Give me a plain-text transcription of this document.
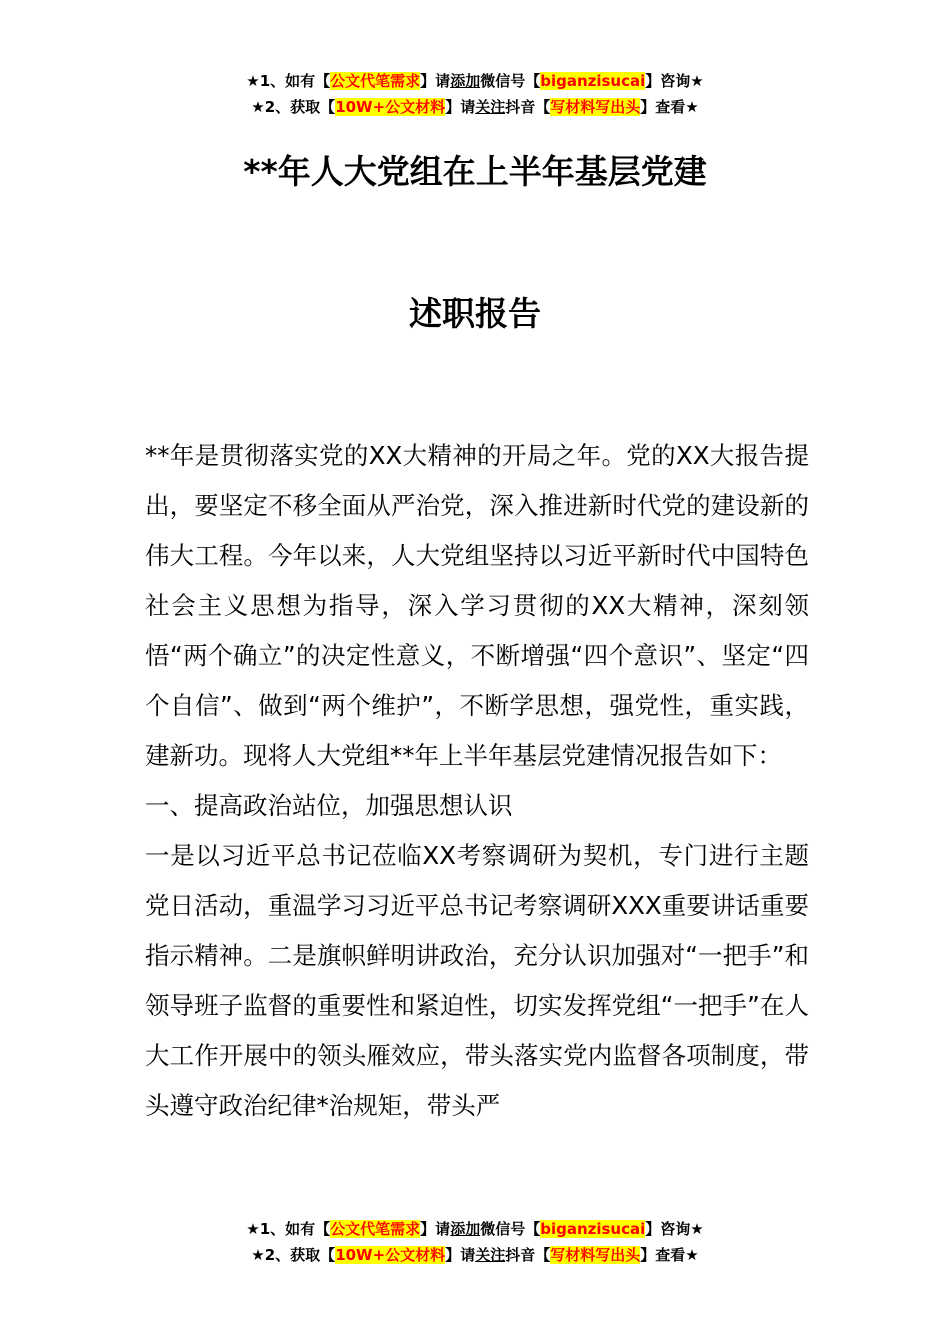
★1、如有【公文代笔需求】请添加微信号【biganzisucai】咨询★
★2、获取【10W+公文材料】请关注抖音【写材料写出头】查看★
**年人大党组在上半年基层党建
述职报告

**年是贯彻落实党的XX大精神的开局之年。党的XX大报告提出，要坚定不移全面从严治党，深入推进新时代党的建设新的伟大工程。今年以来，人大党组坚持以习近平新时代中国特色社会主义思想为指导，深入学习贯彻的XX大精神，深刻领悟“两个确立”的决定性意义，不断增强“四个意识”、坚定“四个自信”、做到“两个维护”，不断学思想，强党性，重实践，建新功。现将人大党组**年上半年基层党建情况报告如下：

一、提高政治站位，加强思想认识

一是以习近平总书记莅临XX考察调研为契机，专门进行主题党日活动，重温学习习近平总书记考察调研XXX重要讲话重要指示精神。二是旗帜鲜明讲政治，充分认识加强对“一把手”和领导班子监督的重要性和紧迫性，切实发挥党组“一把手”在人大工作开展中的领头雁效应，带头落实党内监督各项制度，带头遵守政治纪律*治规矩，带头严

★1、如有【公文代笔需求】请添加微信号【biganzisucai】咨询★
★2、获取【10W+公文材料】请关注抖音【写材料写出头】查看★
